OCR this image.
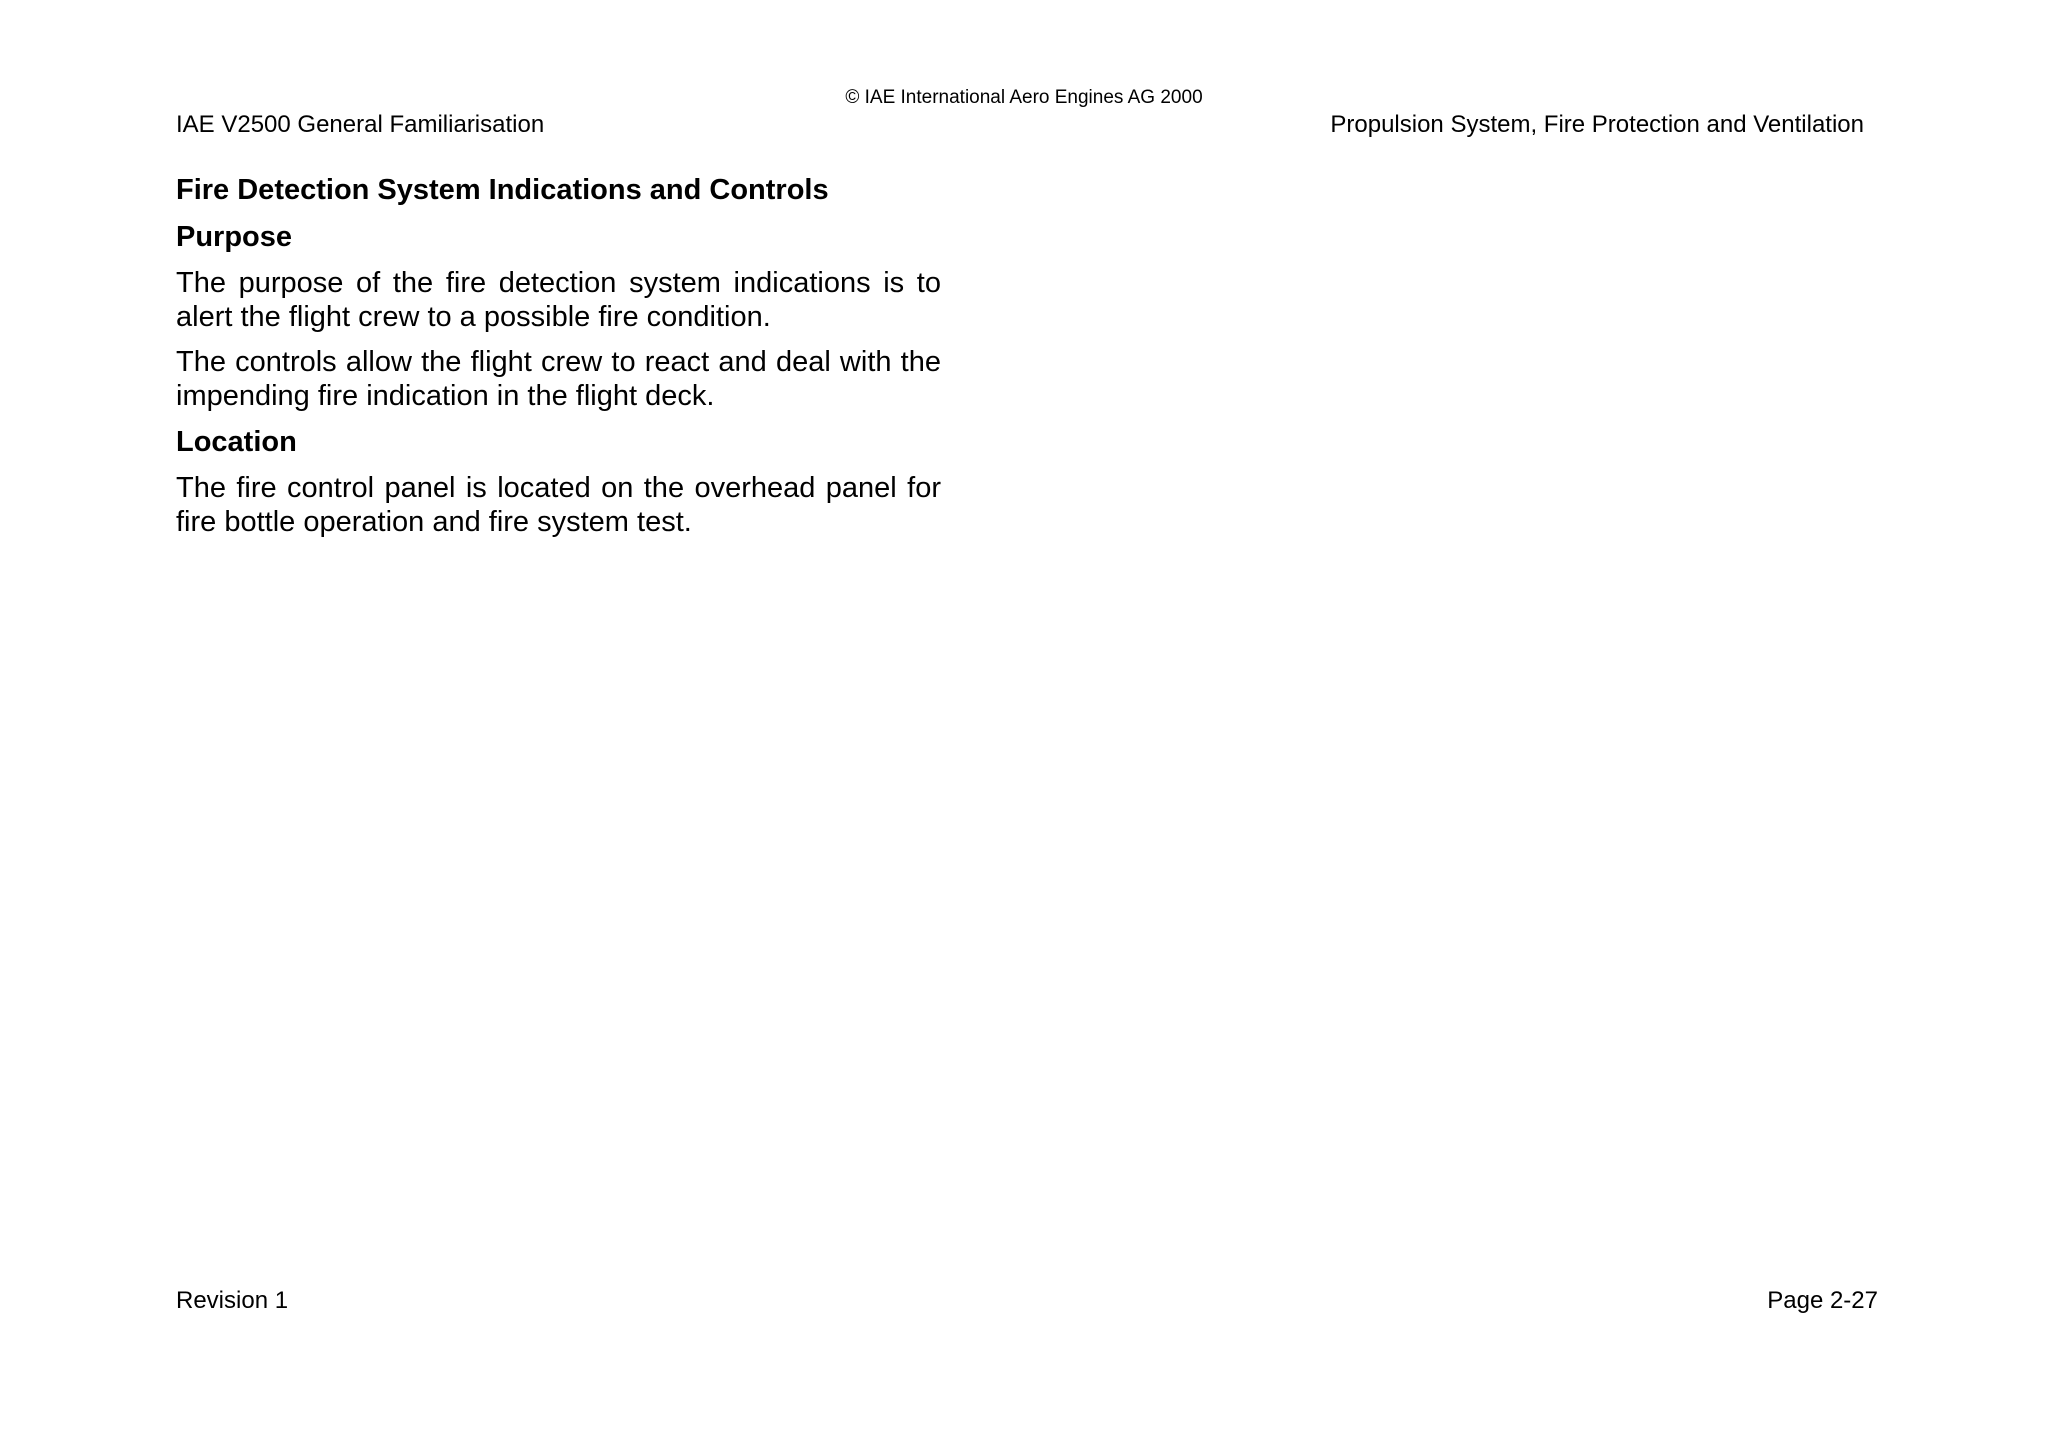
© IAE International Aero Engines AG 2000
IAE V2500 General Familiarisation	Propulsion System, Fire Protection and Ventilation
Fire Detection System Indications and Controls
Purpose

The purpose of the fire detection system indications is to alert the flight crew to a possible fire condition.

The controls allow the flight crew to react and deal with the impending fire indication in the flight deck.

Location

The fire control panel is located on the overhead panel for fire bottle operation and fire system test.

Revision 1	Page 2-27
